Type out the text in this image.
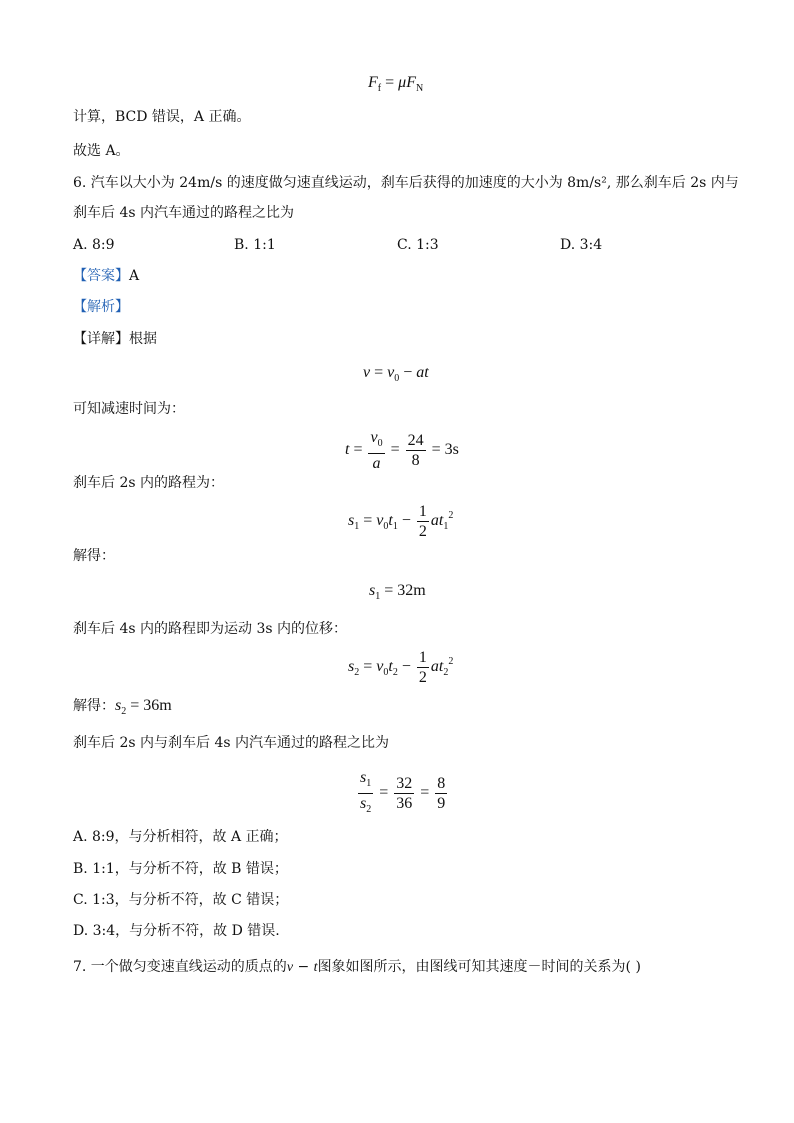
$F_f = \mu F_N$
计算，BCD 错误，A 正确。
故选 A。
6. 汽车以大小为 24m/s 的速度做匀速直线运动，刹车后获得的加速度的大小为 8m/s², 那么刹车后 2s 内与
刹车后 4s 内汽车通过的路程之比为
A. 8:9	B. 1:1	C. 1:3	D. 3:4
【答案】A
【解析】
【详解】根据
$v = v_0$ − at
可知减速时间为：
$t = \frac{v_0}{a} = \frac{24}{8} = 3s$
刹车后 2s 内的路程为：
$s_1 = v_0t_1 - \frac{1}{2} at_1^2$
解得：
$s_1 = 32m$
刹车后 4s 内的路程即为运动 3s 内的位移：
$s_2 = v_0t_2 - \frac{1}{2} at_2^2$
解得：$s_2 = 36m$
刹车后 2s 内与刹车后 4s 内汽车通过的路程之比为
$\frac{s_1}{s_2} = \frac{32}{36} = \frac{8}{9}$
A. 8:9，与分析相符，故 A 正确；
B. 1:1，与分析不符，故 B 错误；
C. 1:3，与分析不符，故 C 错误；
D. 3:4，与分析不符，故 D 错误.
7. 一个做匀变速直线运动的质点的v − t图象如图所示，由图线可知其速度－时间的关系为( )
